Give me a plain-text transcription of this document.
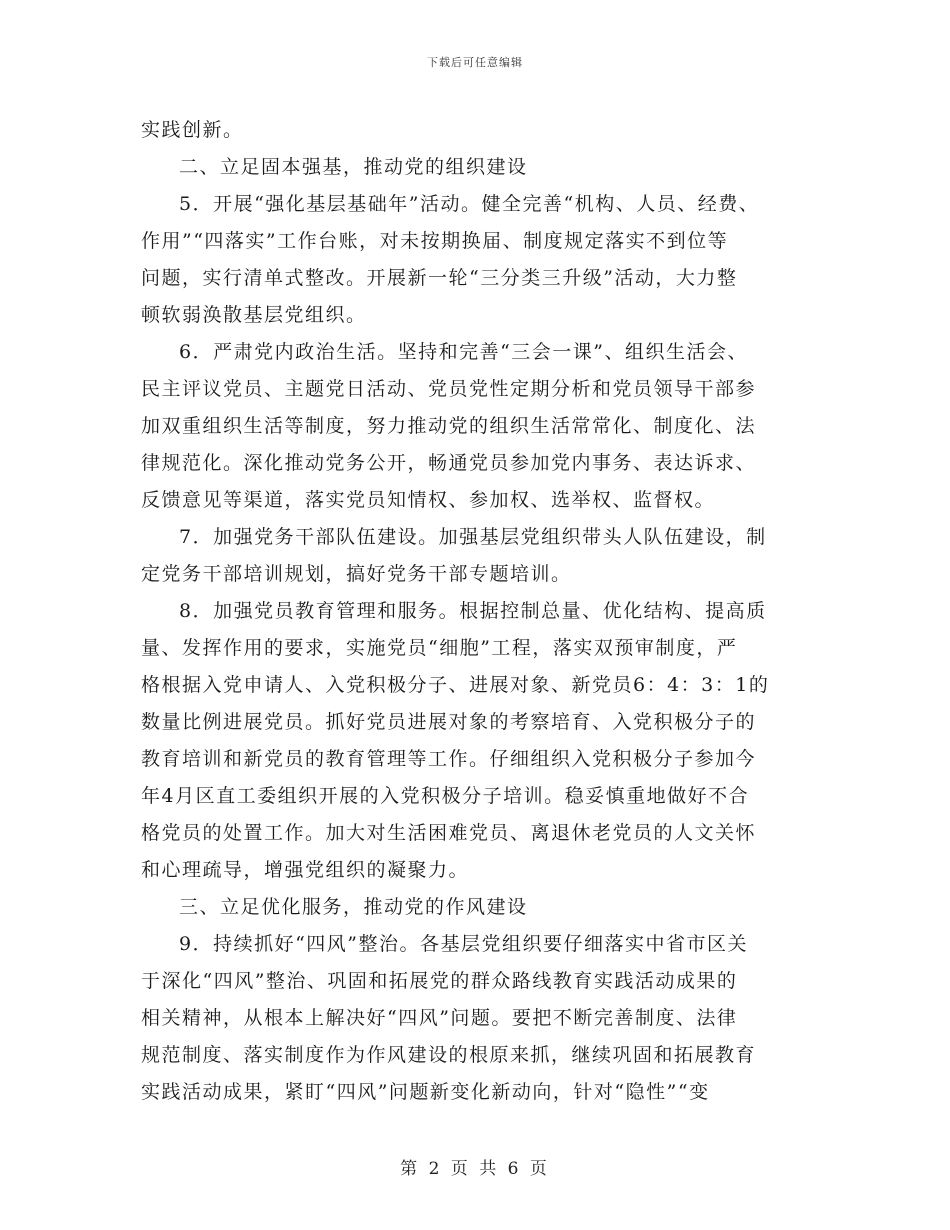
下载后可任意编辑
实践创新。
二、立足固本强基，推动党的组织建设
5．开展“强化基层基础年”活动。健全完善“机构、人员、经费、
作用”“四落实”工作台账，对未按期换届、制度规定落实不到位等
问题，实行清单式整改。开展新一轮“三分类三升级”活动，大力整
顿软弱涣散基层党组织。
6．严肃党内政治生活。坚持和完善“三会一课”、组织生活会、
民主评议党员、主题党日活动、党员党性定期分析和党员领导干部参
加双重组织生活等制度，努力推动党的组织生活常常化、制度化、法
律规范化。深化推动党务公开，畅通党员参加党内事务、表达诉求、
反馈意见等渠道，落实党员知情权、参加权、选举权、监督权。
7．加强党务干部队伍建设。加强基层党组织带头人队伍建设，制
定党务干部培训规划，搞好党务干部专题培训。
8．加强党员教育管理和服务。根据控制总量、优化结构、提高质
量、发挥作用的要求，实施党员“细胞”工程，落实双预审制度，严
格根据入党申请人、入党积极分子、进展对象、新党员6：4：3：1的
数量比例进展党员。抓好党员进展对象的考察培育、入党积极分子的
教育培训和新党员的教育管理等工作。仔细组织入党积极分子参加今
年4月区直工委组织开展的入党积极分子培训。稳妥慎重地做好不合
格党员的处置工作。加大对生活困难党员、离退休老党员的人文关怀
和心理疏导，增强党组织的凝聚力。
三、立足优化服务，推动党的作风建设
9．持续抓好“四风”整治。各基层党组织要仔细落实中省市区关
于深化“四风”整治、巩固和拓展党的群众路线教育实践活动成果的
相关精神，从根本上解决好“四风”问题。要把不断完善制度、法律
规范制度、落实制度作为作风建设的根原来抓，继续巩固和拓展教育
实践活动成果，紧盯“四风”问题新变化新动向，针对“隐性”“变
第 2 页 共 6 页
